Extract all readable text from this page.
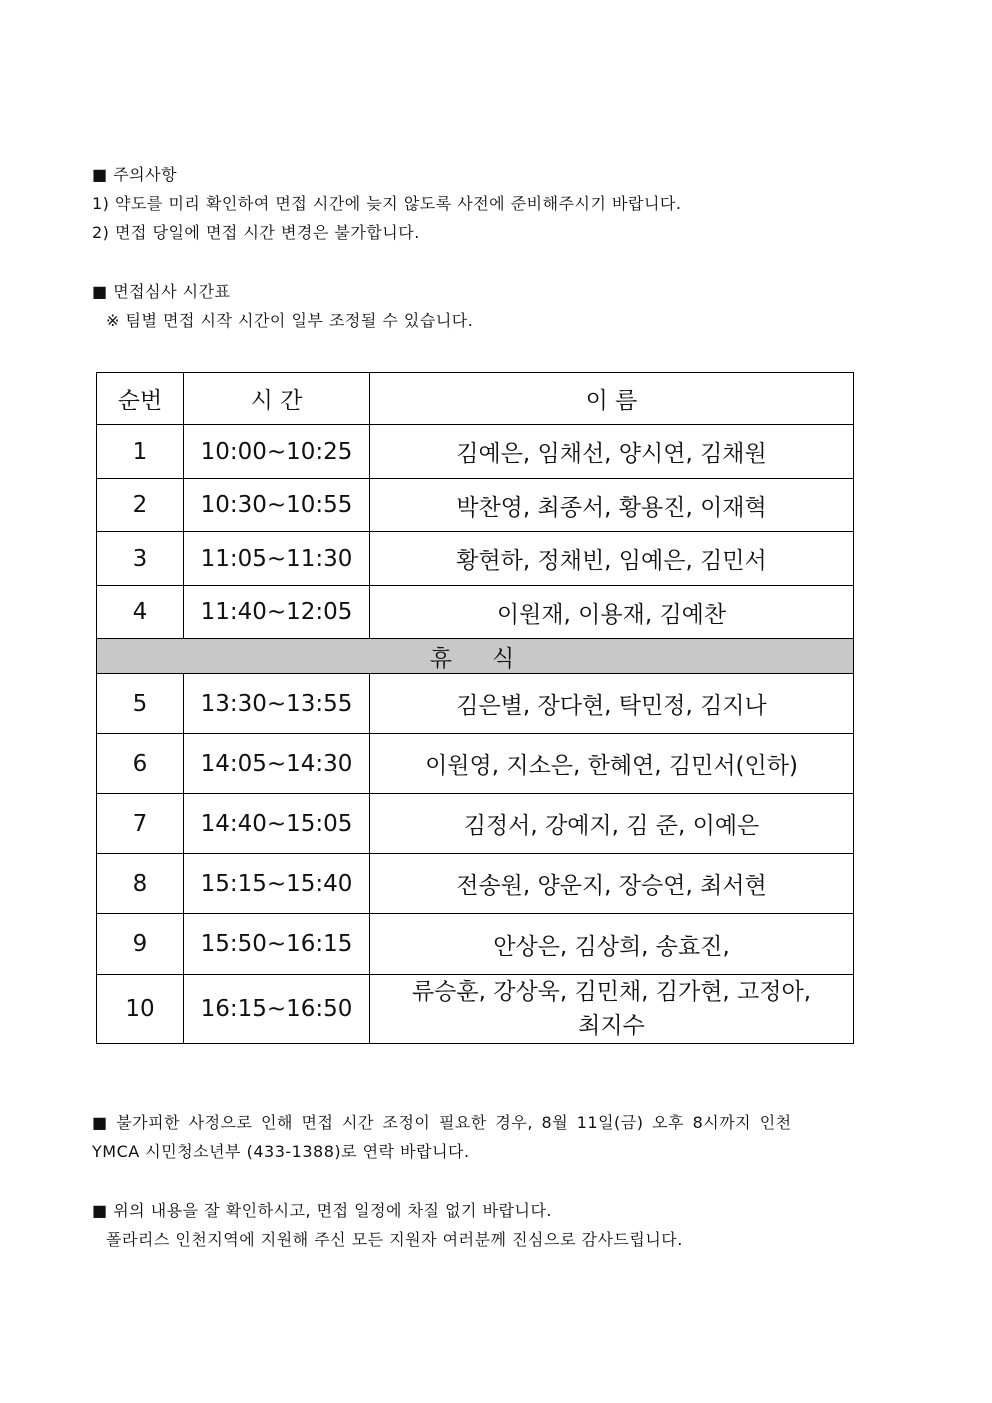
■ 주의사항
1) 약도를 미리 확인하여 면접 시간에 늦지 않도록 사전에 준비해주시기 바랍니다.
2) 면접 당일에 면접 시간 변경은 불가합니다.
■ 면접심사 시간표
※ 팀별 면접 시작 시간이 일부 조정될 수 있습니다.
순번	시 간	이 름
1	10:00~10:25	김예은, 임채선, 양시연, 김채원
2	10:30~10:55	박찬영, 최종서, 황용진, 이재혁
3	11:05~11:30	황현하, 정채빈, 임예은, 김민서
4	11:40~12:05	이원재, 이용재, 김예찬
휴식		
5	13:30~13:55	김은별, 장다현, 탁민정, 김지나
6	14:05~14:30	이원영, 지소은, 한혜연, 김민서(인하)
7	14:40~15:05	김정서, 강예지, 김 준, 이예은
8	15:15~15:40	전송원, 양운지, 장승연, 최서현
9	15:50~16:15	안상은, 김상희, 송효진,
10	16:15~16:50	류승훈, 강상욱, 김민채, 김가현, 고정아,
최지수
■ 불가피한 사정으로 인해 면접 시간 조정이 필요한 경우, 8월 11일(금) 오후 8시까지 인천
YMCA 시민청소년부 (433-1388)로 연락 바랍니다.
■ 위의 내용을 잘 확인하시고, 면접 일정에 차질 없기 바랍니다.
폴라리스 인천지역에 지원해 주신 모든 지원자 여러분께 진심으로 감사드립니다.
